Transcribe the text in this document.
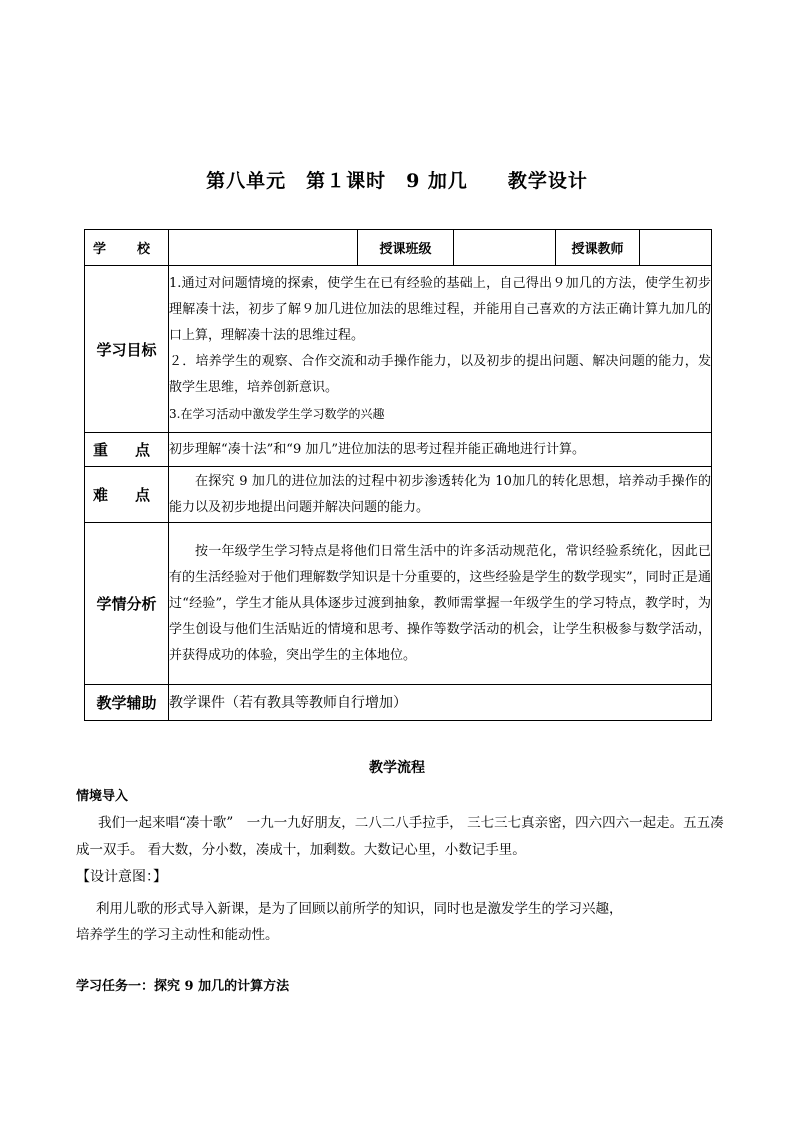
第八单元　第１课时　9 加几　　教学设计
学 校		授课班级		授课教师	
学习目标	1.通过对问题情境的探索，使学生在已有经验的基础上，自己得出９加几的方法，使学生初步理解凑十法，初步了解９加几进位加法的思维过程，并能用自己喜欢的方法正确计算九加几的口上算，理解凑十法的思维过程。

２．培养学生的观察、合作交流和动手操作能力，以及初步的提出问题、解决问题的能力，发散学生思维，培养创新意识。

3.在学习活动中激发学生学习数学的兴趣				

重 点	初步理解“凑十法”和“9 加几”进位加法的思考过程并能正确地进行计算。				

难 点	在探究 9 加几的进位加法的过程中初步渗透转化为 10加几的转化思想，培养动手操作的能力以及初步地提出问题并解决问题的能力。				
学情分析	按一年级学生学习特点是将他们日常生活中的许多活动规范化，常识经验系统化，因此已有的生活经验对于他们理解数学知识是十分重要的，这些经验是学生的数学现实”，同时正是通过“经验”，学生才能从具体逐步过渡到抽象，教师需掌握一年级学生的学习特点，教学时，为学生创设与他们生活贴近的情境和思考、操作等数学活动的机会，让学生积极参与数学活动，并获得成功的体验，突出学生的主体地位。				
教学辅助	教学课件（若有教具等教师自行增加）				
教学流程
情境导入
我们一起来唱“凑十歌”　一九一九好朋友，二八二八手拉手， 三七三七真亲密，四六四六一起走。五五凑成一双手。 看大数，分小数，凑成十，加剩数。大数记心里，小数记手里。
【设计意图：】
利用儿歌的形式导入新课，是为了回顾以前所学的知识，同时也是激发学生的学习兴趣，
培养学生的学习主动性和能动性。
学习任务一：探究 9 加几的计算方法
